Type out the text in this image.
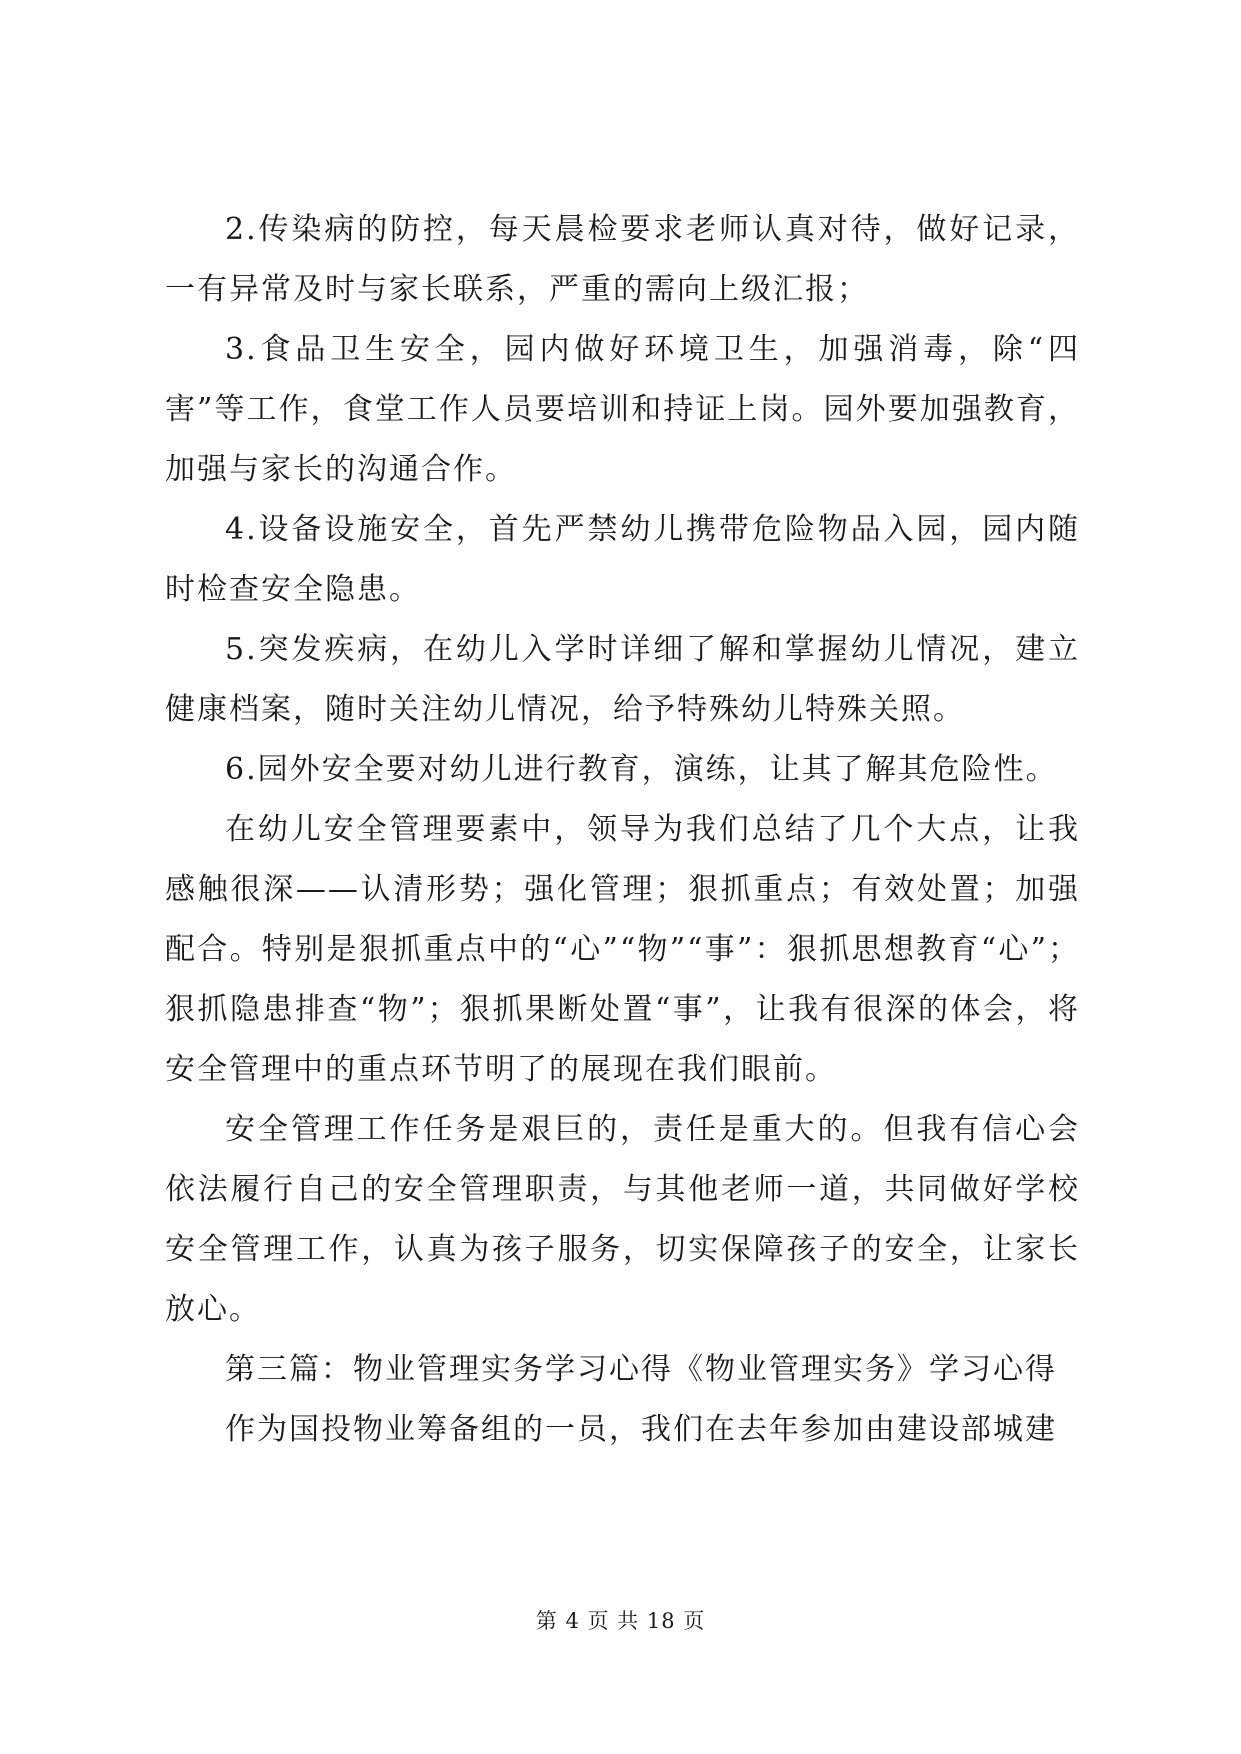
2.传染病的防控，每天晨检要求老师认真对待，做好记录，一有异常及时与家长联系，严重的需向上级汇报；

3.食品卫生安全，园内做好环境卫生，加强消毒，除“四害”等工作，食堂工作人员要培训和持证上岗。园外要加强教育，加强与家长的沟通合作。

4.设备设施安全，首先严禁幼儿携带危险物品入园，园内随时检查安全隐患。

5.突发疾病，在幼儿入学时详细了解和掌握幼儿情况，建立健康档案，随时关注幼儿情况，给予特殊幼儿特殊关照。

6.园外安全要对幼儿进行教育，演练，让其了解其危险性。

在幼儿安全管理要素中，领导为我们总结了几个大点，让我感触很深——认清形势；强化管理；狠抓重点；有效处置；加强配合。特别是狠抓重点中的“心”“物”“事”：狠抓思想教育“心”；狠抓隐患排查“物”；狠抓果断处置“事”，让我有很深的体会，将安全管理中的重点环节明了的展现在我们眼前。

安全管理工作任务是艰巨的，责任是重大的。但我有信心会依法履行自己的安全管理职责，与其他老师一道，共同做好学校安全管理工作，认真为孩子服务，切实保障孩子的安全，让家长放心。

第三篇：物业管理实务学习心得《物业管理实务》学习心得

作为国投物业筹备组的一员，我们在去年参加由建设部城建

第 4 页 共 18 页
